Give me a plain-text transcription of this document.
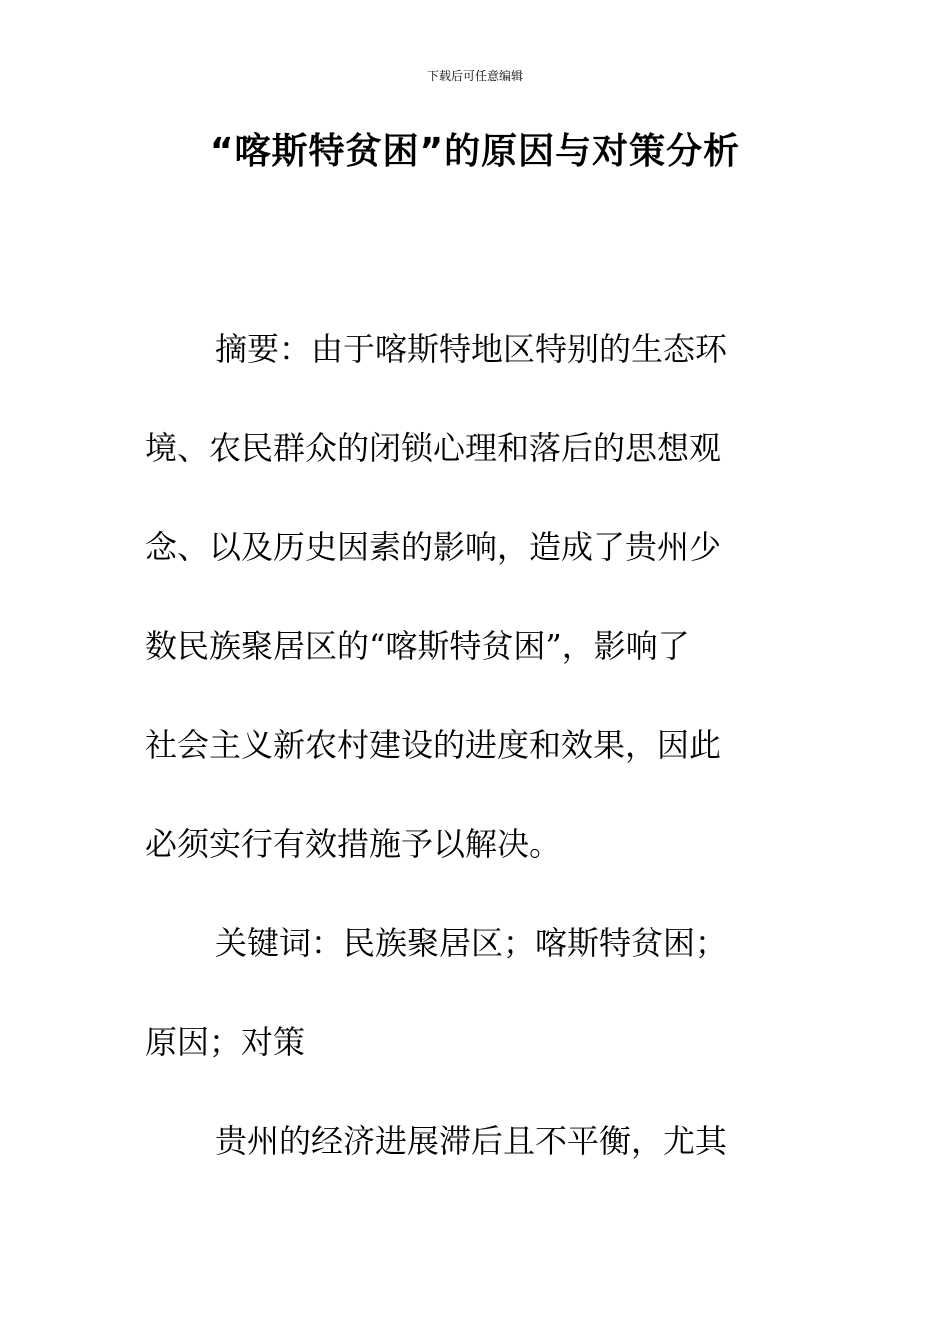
下载后可任意编辑
“喀斯特贫困”的原因与对策分析
摘要：由于喀斯特地区特别的生态环
境、农民群众的闭锁心理和落后的思想观
念、以及历史因素的影响，造成了贵州少
数民族聚居区的“喀斯特贫困”，影响了
社会主义新农村建设的进度和效果，因此
必须实行有效措施予以解决。
关键词：民族聚居区；喀斯特贫困；
原因；对策
贵州的经济进展滞后且不平衡，尤其
